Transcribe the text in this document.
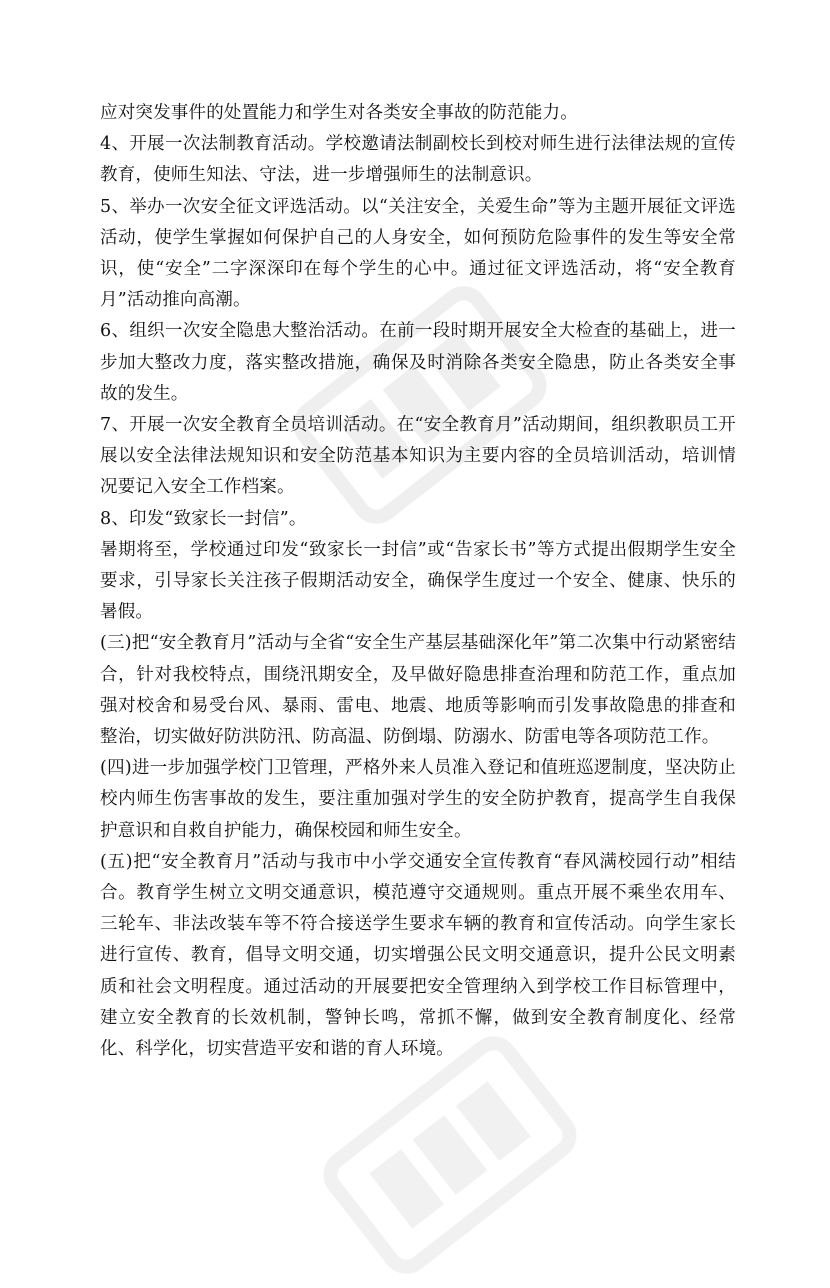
应对突发事件的处置能力和学生对各类安全事故的防范能力。

4、开展一次法制教育活动。学校邀请法制副校长到校对师生进行法律法规的宣传教育，使师生知法、守法，进一步增强师生的法制意识。

5、举办一次安全征文评选活动。以“关注安全，关爱生命”等为主题开展征文评选活动，使学生掌握如何保护自己的人身安全，如何预防危险事件的发生等安全常识，使“安全”二字深深印在每个学生的心中。通过征文评选活动，将“安全教育月”活动推向高潮。

6、组织一次安全隐患大整治活动。在前一段时期开展安全大检查的基础上，进一步加大整改力度，落实整改措施，确保及时消除各类安全隐患，防止各类安全事故的发生。

7、开展一次安全教育全员培训活动。在“安全教育月”活动期间，组织教职员工开展以安全法律法规知识和安全防范基本知识为主要内容的全员培训活动，培训情况要记入安全工作档案。

8、印发“致家长一封信”。

暑期将至，学校通过印发“致家长一封信”或“告家长书”等方式提出假期学生安全要求，引导家长关注孩子假期活动安全，确保学生度过一个安全、健康、快乐的暑假。

(三)把“安全教育月”活动与全省“安全生产基层基础深化年”第二次集中行动紧密结合，针对我校特点，围绕汛期安全，及早做好隐患排查治理和防范工作，重点加强对校舍和易受台风、暴雨、雷电、地震、地质等影响而引发事故隐患的排查和整治，切实做好防洪防汛、防高温、防倒塌、防溺水、防雷电等各项防范工作。

(四)进一步加强学校门卫管理，严格外来人员准入登记和值班巡逻制度，坚决防止校内师生伤害事故的发生，要注重加强对学生的安全防护教育，提高学生自我保护意识和自救自护能力，确保校园和师生安全。

(五)把“安全教育月”活动与我市中小学交通安全宣传教育“春风满校园行动”相结合。教育学生树立文明交通意识，模范遵守交通规则。重点开展不乘坐农用车、三轮车、非法改装车等不符合接送学生要求车辆的教育和宣传活动。向学生家长进行宣传、教育，倡导文明交通，切实增强公民文明交通意识，提升公民文明素质和社会文明程度。通过活动的开展要把安全管理纳入到学校工作目标管理中，建立安全教育的长效机制，警钟长鸣，常抓不懈，做到安全教育制度化、经常化、科学化，切实营造平安和谐的育人环境。
